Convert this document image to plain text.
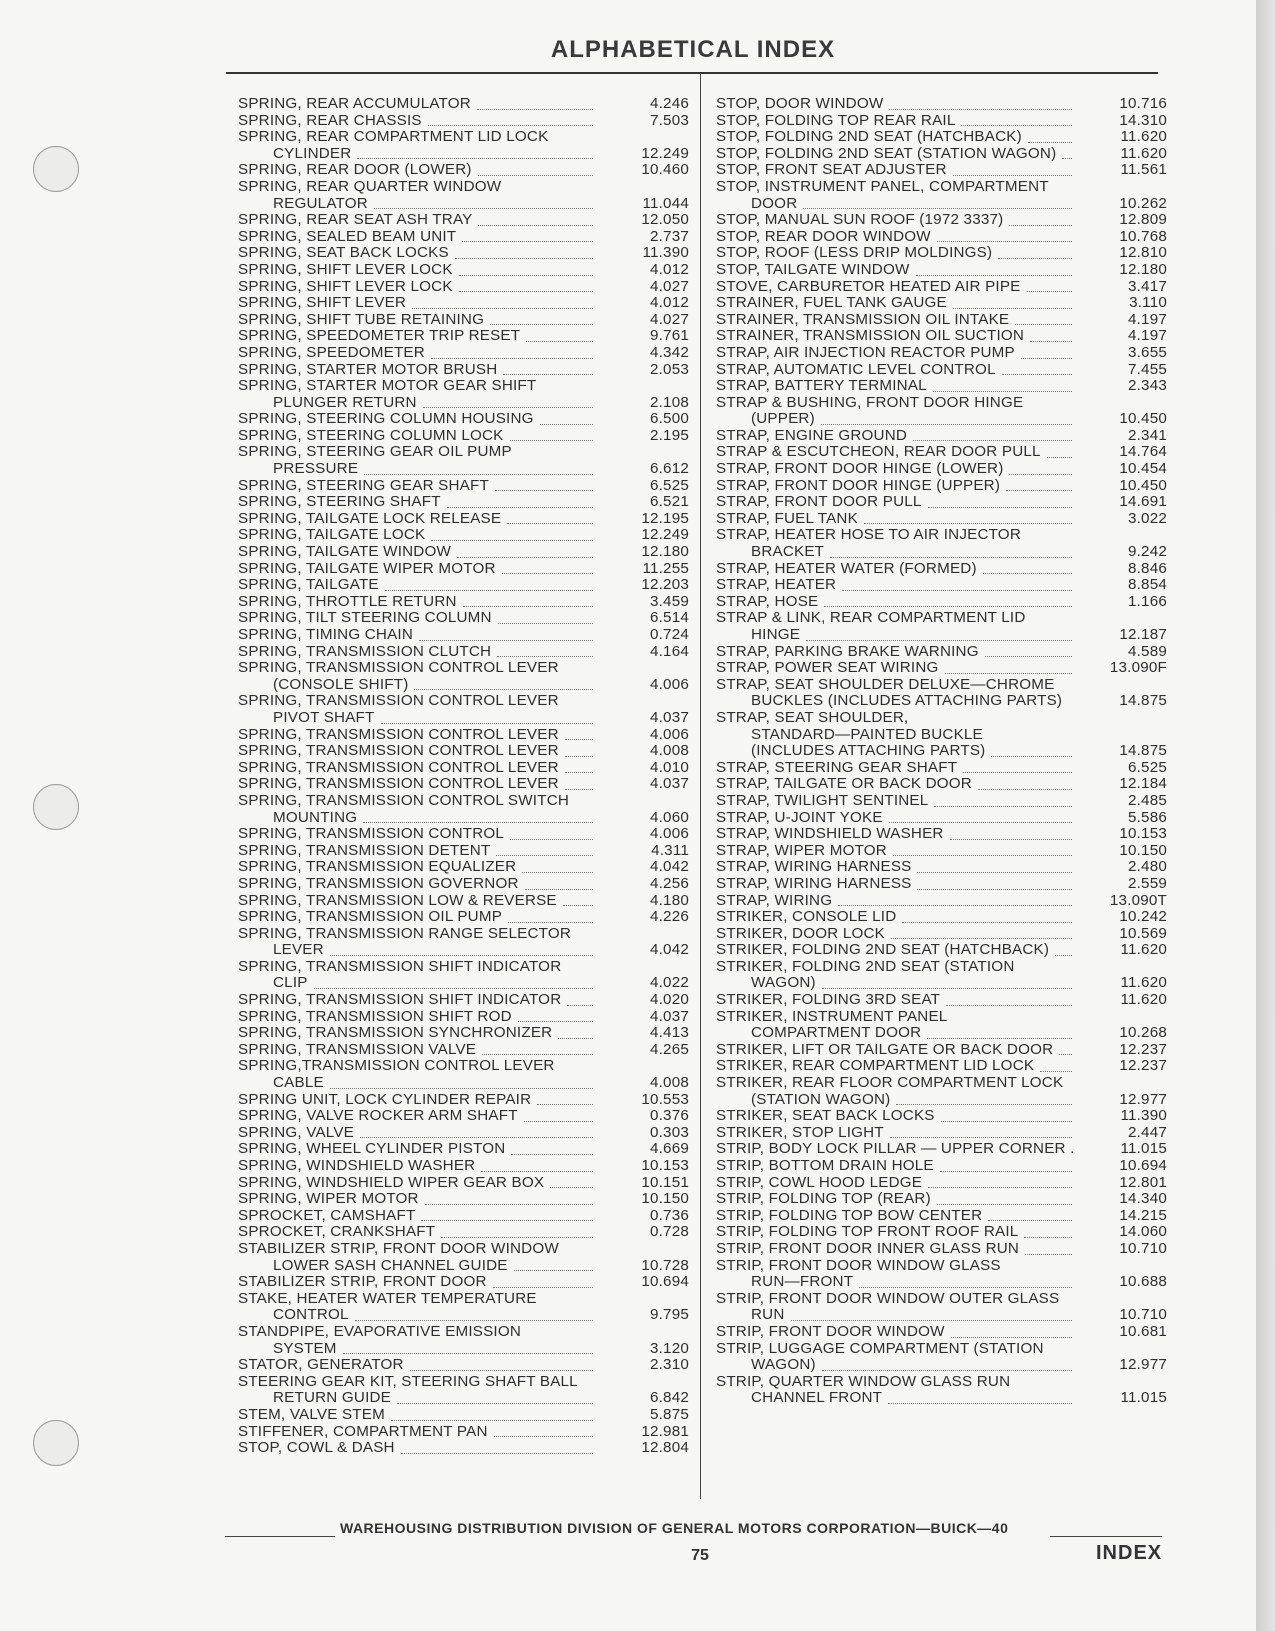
ALPHABETICAL INDEX
SPRING, REAR ACCUMULATOR	4.246
SPRING, REAR CHASSIS	7.503
SPRING, REAR COMPARTMENT LID LOCK
CYLINDER	12.249
SPRING, REAR DOOR (LOWER)	10.460
SPRING, REAR QUARTER WINDOW
REGULATOR	11.044
SPRING, REAR SEAT ASH TRAY	12.050
SPRING, SEALED BEAM UNIT	2.737
SPRING, SEAT BACK LOCKS	11.390
SPRING, SHIFT LEVER LOCK	4.012
SPRING, SHIFT LEVER LOCK	4.027
SPRING, SHIFT LEVER	4.012
SPRING, SHIFT TUBE RETAINING	4.027
SPRING, SPEEDOMETER TRIP RESET	9.761
SPRING, SPEEDOMETER	4.342
SPRING, STARTER MOTOR BRUSH	2.053
SPRING, STARTER MOTOR GEAR SHIFT
PLUNGER RETURN	2.108
SPRING, STEERING COLUMN HOUSING	6.500
SPRING, STEERING COLUMN LOCK	2.195
SPRING, STEERING GEAR OIL PUMP
PRESSURE	6.612
SPRING, STEERING GEAR SHAFT	6.525
SPRING, STEERING SHAFT	6.521
SPRING, TAILGATE LOCK RELEASE	12.195
SPRING, TAILGATE LOCK	12.249
SPRING, TAILGATE WINDOW	12.180
SPRING, TAILGATE WIPER MOTOR	11.255
SPRING, TAILGATE	12.203
SPRING, THROTTLE RETURN	3.459
SPRING, TILT STEERING COLUMN	6.514
SPRING, TIMING CHAIN	0.724
SPRING, TRANSMISSION CLUTCH	4.164
SPRING, TRANSMISSION CONTROL LEVER
(CONSOLE SHIFT)	4.006
SPRING, TRANSMISSION CONTROL LEVER
PIVOT SHAFT	4.037
SPRING, TRANSMISSION CONTROL LEVER	4.006
SPRING, TRANSMISSION CONTROL LEVER	4.008
SPRING, TRANSMISSION CONTROL LEVER	4.010
SPRING, TRANSMISSION CONTROL LEVER	4.037
SPRING, TRANSMISSION CONTROL SWITCH
MOUNTING	4.060
SPRING, TRANSMISSION CONTROL	4.006
SPRING, TRANSMISSION DETENT	4.311
SPRING, TRANSMISSION EQUALIZER	4.042
SPRING, TRANSMISSION GOVERNOR	4.256
SPRING, TRANSMISSION LOW & REVERSE	4.180
SPRING, TRANSMISSION OIL PUMP	4.226
SPRING, TRANSMISSION RANGE SELECTOR
LEVER	4.042
SPRING, TRANSMISSION SHIFT INDICATOR
CLIP	4.022
SPRING, TRANSMISSION SHIFT INDICATOR	4.020
SPRING, TRANSMISSION SHIFT ROD	4.037
SPRING, TRANSMISSION SYNCHRONIZER	4.413
SPRING, TRANSMISSION VALVE	4.265
SPRING,TRANSMISSION CONTROL LEVER
CABLE	4.008
SPRING UNIT, LOCK CYLINDER REPAIR	10.553
SPRING, VALVE ROCKER ARM SHAFT	0.376
SPRING, VALVE	0.303
SPRING, WHEEL CYLINDER PISTON	4.669
SPRING, WINDSHIELD WASHER	10.153
SPRING, WINDSHIELD WIPER GEAR BOX	10.151
SPRING, WIPER MOTOR	10.150
SPROCKET, CAMSHAFT	0.736
SPROCKET, CRANKSHAFT	0.728
STABILIZER STRIP, FRONT DOOR WINDOW
LOWER SASH CHANNEL GUIDE	10.728
STABILIZER STRIP, FRONT DOOR	10.694
STAKE, HEATER WATER TEMPERATURE
CONTROL	9.795
STANDPIPE, EVAPORATIVE EMISSION
SYSTEM	3.120
STATOR, GENERATOR	2.310
STEERING GEAR KIT, STEERING SHAFT BALL
RETURN GUIDE	6.842
STEM, VALVE STEM	5.875
STIFFENER, COMPARTMENT PAN	12.981
STOP, COWL & DASH	12.804
STOP, DOOR WINDOW	10.716
STOP, FOLDING TOP REAR RAIL	14.310
STOP, FOLDING 2ND SEAT (HATCHBACK)	11.620
STOP, FOLDING 2ND SEAT (STATION WAGON)	11.620
STOP, FRONT SEAT ADJUSTER	11.561
STOP, INSTRUMENT PANEL, COMPARTMENT
DOOR	10.262
STOP, MANUAL SUN ROOF (1972 3337)	12.809
STOP, REAR DOOR WINDOW	10.768
STOP, ROOF (LESS DRIP MOLDINGS)	12.810
STOP, TAILGATE WINDOW	12.180
STOVE, CARBURETOR HEATED AIR PIPE	3.417
STRAINER, FUEL TANK GAUGE	3.110
STRAINER, TRANSMISSION OIL INTAKE	4.197
STRAINER, TRANSMISSION OIL SUCTION	4.197
STRAP, AIR INJECTION REACTOR PUMP	3.655
STRAP, AUTOMATIC LEVEL CONTROL	7.455
STRAP, BATTERY TERMINAL	2.343
STRAP & BUSHING, FRONT DOOR HINGE
(UPPER)	10.450
STRAP, ENGINE GROUND	2.341
STRAP & ESCUTCHEON, REAR DOOR PULL	14.764
STRAP, FRONT DOOR HINGE (LOWER)	10.454
STRAP, FRONT DOOR HINGE (UPPER)	10.450
STRAP, FRONT DOOR PULL	14.691
STRAP, FUEL TANK	3.022
STRAP, HEATER HOSE TO AIR INJECTOR
BRACKET	9.242
STRAP, HEATER WATER (FORMED)	8.846
STRAP, HEATER	8.854
STRAP, HOSE	1.166
STRAP & LINK, REAR COMPARTMENT LID
HINGE	12.187
STRAP, PARKING BRAKE WARNING	4.589
STRAP, POWER SEAT WIRING	13.090F
STRAP, SEAT SHOULDER DELUXE—CHROME
BUCKLES (INCLUDES ATTACHING PARTS)	14.875
STRAP, SEAT SHOULDER,
STANDARD—PAINTED BUCKLE
(INCLUDES ATTACHING PARTS)	14.875
STRAP, STEERING GEAR SHAFT	6.525
STRAP, TAILGATE OR BACK DOOR	12.184
STRAP, TWILIGHT SENTINEL	2.485
STRAP, U-JOINT YOKE	5.586
STRAP, WINDSHIELD WASHER	10.153
STRAP, WIPER MOTOR	10.150
STRAP, WIRING HARNESS	2.480
STRAP, WIRING HARNESS	2.559
STRAP, WIRING	13.090T
STRIKER, CONSOLE LID	10.242
STRIKER, DOOR LOCK	10.569
STRIKER, FOLDING 2ND SEAT (HATCHBACK)	11.620
STRIKER, FOLDING 2ND SEAT (STATION
WAGON)	11.620
STRIKER, FOLDING 3RD SEAT	11.620
STRIKER, INSTRUMENT PANEL
COMPARTMENT DOOR	10.268
STRIKER, LIFT OR TAILGATE OR BACK DOOR	12.237
STRIKER, REAR COMPARTMENT LID LOCK	12.237
STRIKER, REAR FLOOR COMPARTMENT LOCK
(STATION WAGON)	12.977
STRIKER, SEAT BACK LOCKS	11.390
STRIKER, STOP LIGHT	2.447
STRIP, BODY LOCK PILLAR — UPPER CORNER .	11.015
STRIP, BOTTOM DRAIN HOLE	10.694
STRIP, COWL HOOD LEDGE	12.801
STRIP, FOLDING TOP (REAR)	14.340
STRIP, FOLDING TOP BOW CENTER	14.215
STRIP, FOLDING TOP FRONT ROOF RAIL	14.060
STRIP, FRONT DOOR INNER GLASS RUN	10.710
STRIP, FRONT DOOR WINDOW GLASS
RUN—FRONT	10.688
STRIP, FRONT DOOR WINDOW OUTER GLASS
RUN	10.710
STRIP, FRONT DOOR WINDOW	10.681
STRIP, LUGGAGE COMPARTMENT (STATION
WAGON)	12.977
STRIP, QUARTER WINDOW GLASS RUN
CHANNEL FRONT	11.015
WAREHOUSING DISTRIBUTION DIVISION OF GENERAL MOTORS CORPORATION—BUICK—40
75	INDEX
